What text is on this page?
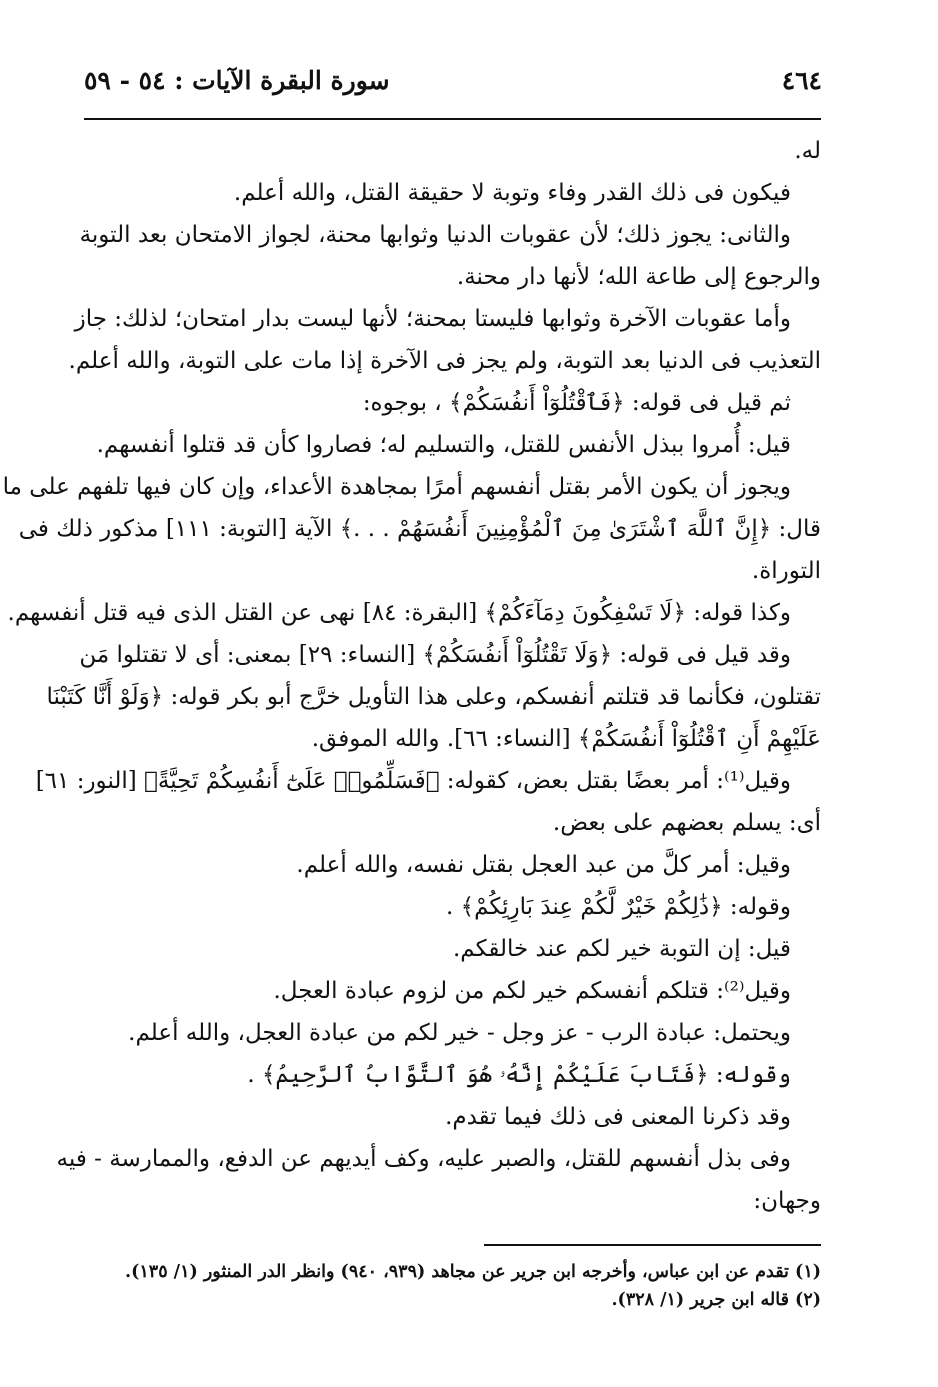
٤٦٤
سورة البقرة الآيات : ٥٤ - ٥٩
له.
فيكون فى ذلك القدر وفاء وتوبة لا حقيقة القتل، والله أعلم.
والثانى: يجوز ذلك؛ لأن عقوبات الدنيا وثوابها محنة، لجواز الامتحان بعد التوبة
والرجوع إلى طاعة الله؛ لأنها دار محنة.
وأما عقوبات الآخرة وثوابها فليستا بمحنة؛ لأنها ليست بدار امتحان؛ لذلك: جاز
التعذيب فى الدنيا بعد التوبة، ولم يجز فى الآخرة إذا مات على التوبة، والله أعلم.
ثم قيل فى قوله: ﴿فَٱقْتُلُوٓاْ أَنفُسَكُمْ﴾ ، بوجوه:
قيل: أُمروا ببذل الأنفس للقتل، والتسليم له؛ فصاروا كأن قد قتلوا أنفسهم.
ويجوز أن يكون الأمر بقتل أنفسهم أمرًا بمجاهدة الأعداء، وإن كان فيها تلفهم على ما
قال: ﴿إِنَّ ٱللَّهَ ٱشْتَرَىٰ مِنَ ٱلْمُؤْمِنِينَ أَنفُسَهُمْ . . .﴾ الآية [التوبة: ١١١] مذكور ذلك فى
التوراة.
وكذا قوله: ﴿لَا تَسْفِكُونَ دِمَآءَكُمْ﴾ [البقرة: ٨٤] نهى عن القتل الذى فيه قتل أنفسهم.
وقد قيل فى قوله: ﴿وَلَا تَقْتُلُوٓاْ أَنفُسَكُمْ﴾ [النساء: ٢٩] بمعنى: أى لا تقتلوا مَن
تقتلون، فكأنما قد قتلتم أنفسكم، وعلى هذا التأويل خرَّج أبو بكر قوله: ﴿وَلَوْ أَنَّا كَتَبْنَا
عَلَيْهِمْ أَنِ ٱقْتُلُوٓاْ أَنفُسَكُمْ﴾ [النساء: ٦٦]. والله الموفق.
وقيل⁽¹⁾: أمر بعضًا بقتل بعض، كقوله: ﴿فَسَلِّمُوا۟ عَلَىٰٓ أَنفُسِكُمْ تَحِيَّةً﴾ [النور: ٦١]
أى: يسلم بعضهم على بعض.
وقيل: أمر كلَّ من عبد العجل بقتل نفسه، والله أعلم.
وقوله: ﴿ذَٰلِكُمْ خَيْرٌ لَّكُمْ عِندَ بَارِئِكُمْ﴾ .
قيل: إن التوبة خير لكم عند خالقكم.
وقيل⁽²⁾: قتلكم أنفسكم خير لكم من لزوم عبادة العجل.
ويحتمل: عبادة الرب - عز وجل - خير لكم من عبادة العجل، والله أعلم.
وقوله: ﴿فَتَابَ عَلَيْكُمْ إِنَّهُۥ هُوَ ٱلتَّوَّابُ ٱلرَّحِيمُ﴾ .
وقد ذكرنا المعنى فى ذلك فيما تقدم.
وفى بذل أنفسهم للقتل، والصبر عليه، وكف أيديهم عن الدفع، والممارسة - فيه
وجهان:
(١) تقدم عن ابن عباس، وأخرجه ابن جرير عن مجاهد (٩٣٩، ٩٤٠) وانظر الدر المنثور (١/ ١٣٥).
(٢) قاله ابن جرير (١/ ٣٢٨).
